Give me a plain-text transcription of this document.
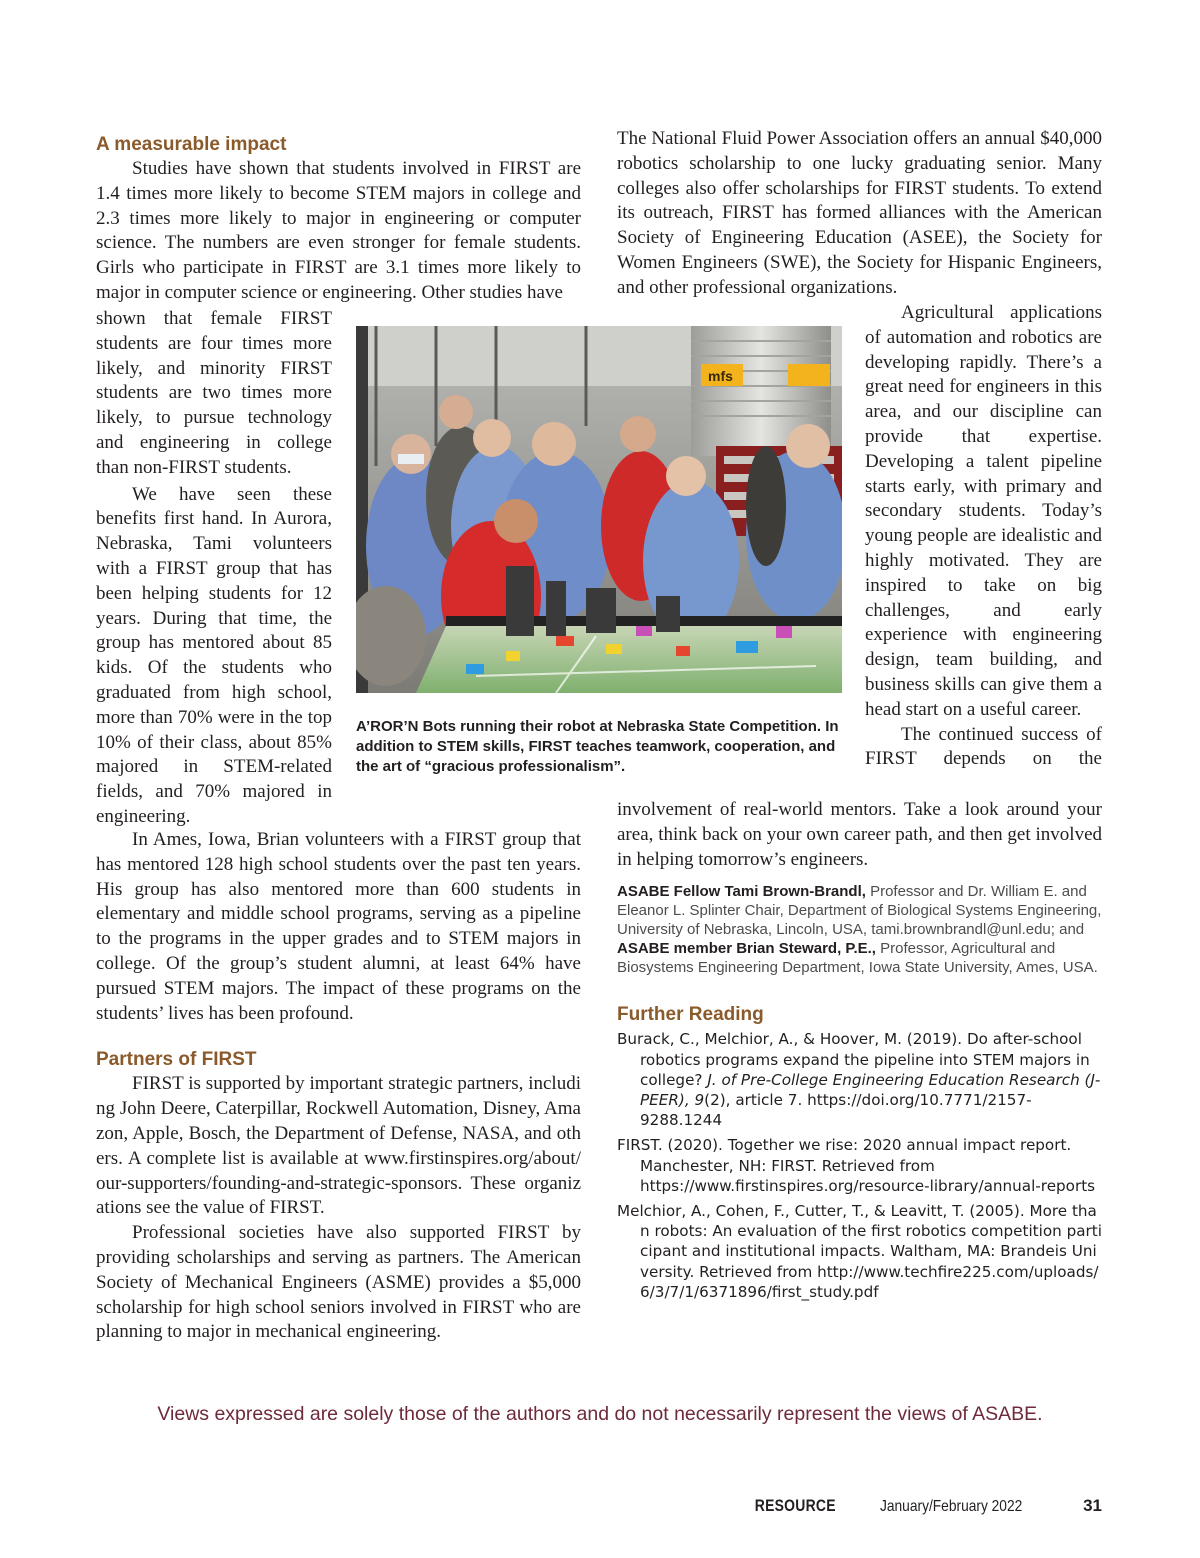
A measurable impact

Studies have shown that students involved in FIRST are 1.4 times more likely to become STEM majors in college and 2.3 times more likely to major in engineering or computer science. The numbers are even stronger for female students. Girls who participate in FIRST are 3.1 times more likely to major in computer science or engineering. Other studies have

shown that female FIRST students are four times more likely, and minority FIRST students are two times more likely, to pursue technology and engineering in college than non-FIRST students.

We have seen these benefits first hand. In Aurora, Nebraska, Tami volunteers with a FIRST group that has been helping students for 12 years. During that time, the group has mentored about 85 kids. Of the students who graduated from high school, more than 70% were in the top 10% of their class, about 85% majored in STEM-related fields, and 70% majored in engineering.

In Ames, Iowa, Brian volunteers with a FIRST group that has mentored 128 high school students over the past ten years. His group has also mentored more than 600 students in elementary and middle school programs, serving as a pipeline to the programs in the upper grades and to STEM majors in college. Of the group’s student alumni, at least 64% have pursued STEM majors. The impact of these programs on the students’ lives has been profound.

Partners of FIRST

FIRST is supported by important strategic partners, including John Deere, Caterpillar, Rockwell Automation, Disney, Amazon, Apple, Bosch, the Department of Defense, NASA, and others. A complete list is available at www.firstinspires.org/about/our-supporters/founding-and-strategic-sponsors. These organizations see the value of FIRST.

Professional societies have also supported FIRST by providing scholarships and serving as partners. The American Society of Mechanical Engineers (ASME) provides a $5,000 scholarship for high school seniors involved in FIRST who are planning to major in mechanical engineering.

mfs
A’ROR’N Bots running their robot at Nebraska State Competition. In addition to STEM skills, FIRST teaches teamwork, cooperation, and the art of “gracious professionalism”.

The National Fluid Power Association offers an annual $40,000 robotics scholarship to one lucky graduating senior. Many colleges also offer scholarships for FIRST students. To extend its outreach, FIRST has formed alliances with the American Society of Engineering Education (ASEE), the Society for Women Engineers (SWE), the Society for Hispanic Engineers, and other professional organizations.

Agricultural applications of automation and robotics are developing rapidly. There’s a great need for engineers in this area, and our discipline can provide that expertise. Developing a talent pipeline starts early, with primary and secondary students. Today’s young people are idealistic and highly motivated. They are inspired to take on big challenges, and early experience with engineering design, team building, and business skills can give them a head start on a useful career.

The continued success of FIRST depends on the

involvement of real-world mentors. Take a look around your area, think back on your own career path, and then get involved in helping tomorrow’s engineers.

ASABE Fellow Tami Brown-Brandl, Professor and Dr. William E. and Eleanor L. Splinter Chair, Department of Biological Systems Engineering, University of Nebraska, Lincoln, USA, tami.brownbrandl@unl.edu; and ASABE member Brian Steward, P.E., Professor, Agricultural and Biosystems Engineering Department, Iowa State University, Ames, USA.

Further Reading

Burack, C., Melchior, A., & Hoover, M. (2019). Do after-school robotics programs expand the pipeline into STEM majors in college? J. of Pre-College Engineering Education Research (J-PEER), 9(2), article 7. https://doi.org/10.7771/2157-9288.1244

FIRST. (2020). Together we rise: 2020 annual impact report. Manchester, NH: FIRST. Retrieved from https://www.firstinspires.org/resource-library/annual-reports

Melchior, A., Cohen, F., Cutter, T., & Leavitt, T. (2005). More than robots: An evaluation of the first robotics competition participant and institutional impacts. Waltham, MA: Brandeis University. Retrieved from http://www.techfire225.com/uploads/6/3/7/1/6371896/first_study.pdf

Views expressed are solely those of the authors and do not necessarily represent the views of ASABE.
RESOURCE	January/February 2022	31
